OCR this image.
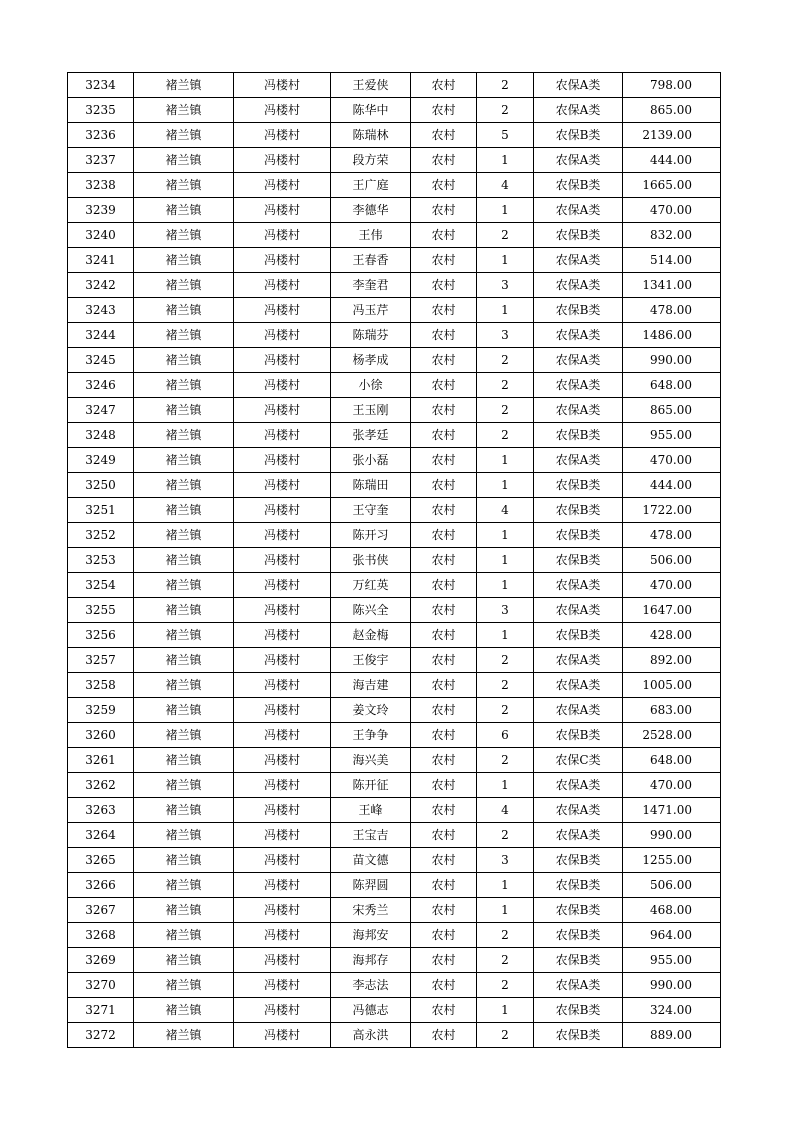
3234	褚兰镇	冯楼村	王爱侠	农村	2	农保A类	798.00
3235	褚兰镇	冯楼村	陈华中	农村	2	农保A类	865.00
3236	褚兰镇	冯楼村	陈瑞林	农村	5	农保B类	2139.00
3237	褚兰镇	冯楼村	段方荣	农村	1	农保A类	444.00
3238	褚兰镇	冯楼村	王广庭	农村	4	农保B类	1665.00
3239	褚兰镇	冯楼村	李德华	农村	1	农保A类	470.00
3240	褚兰镇	冯楼村	王伟	农村	2	农保B类	832.00
3241	褚兰镇	冯楼村	王春香	农村	1	农保A类	514.00
3242	褚兰镇	冯楼村	李奎君	农村	3	农保A类	1341.00
3243	褚兰镇	冯楼村	冯玉芹	农村	1	农保B类	478.00
3244	褚兰镇	冯楼村	陈瑞芬	农村	3	农保A类	1486.00
3245	褚兰镇	冯楼村	杨孝成	农村	2	农保A类	990.00
3246	褚兰镇	冯楼村	小徐	农村	2	农保A类	648.00
3247	褚兰镇	冯楼村	王玉刚	农村	2	农保A类	865.00
3248	褚兰镇	冯楼村	张孝廷	农村	2	农保B类	955.00
3249	褚兰镇	冯楼村	张小磊	农村	1	农保A类	470.00
3250	褚兰镇	冯楼村	陈瑞田	农村	1	农保B类	444.00
3251	褚兰镇	冯楼村	王守奎	农村	4	农保B类	1722.00
3252	褚兰镇	冯楼村	陈开习	农村	1	农保B类	478.00
3253	褚兰镇	冯楼村	张书侠	农村	1	农保B类	506.00
3254	褚兰镇	冯楼村	万红英	农村	1	农保A类	470.00
3255	褚兰镇	冯楼村	陈兴全	农村	3	农保A类	1647.00
3256	褚兰镇	冯楼村	赵金梅	农村	1	农保B类	428.00
3257	褚兰镇	冯楼村	王俊宇	农村	2	农保A类	892.00
3258	褚兰镇	冯楼村	海吉建	农村	2	农保A类	1005.00
3259	褚兰镇	冯楼村	姜文玲	农村	2	农保A类	683.00
3260	褚兰镇	冯楼村	王争争	农村	6	农保B类	2528.00
3261	褚兰镇	冯楼村	海兴美	农村	2	农保C类	648.00
3262	褚兰镇	冯楼村	陈开征	农村	1	农保A类	470.00
3263	褚兰镇	冯楼村	王峰	农村	4	农保A类	1471.00
3264	褚兰镇	冯楼村	王宝吉	农村	2	农保A类	990.00
3265	褚兰镇	冯楼村	苗文德	农村	3	农保B类	1255.00
3266	褚兰镇	冯楼村	陈羿圆	农村	1	农保B类	506.00
3267	褚兰镇	冯楼村	宋秀兰	农村	1	农保B类	468.00
3268	褚兰镇	冯楼村	海邦安	农村	2	农保B类	964.00
3269	褚兰镇	冯楼村	海邦存	农村	2	农保B类	955.00
3270	褚兰镇	冯楼村	李志法	农村	2	农保A类	990.00
3271	褚兰镇	冯楼村	冯德志	农村	1	农保B类	324.00
3272	褚兰镇	冯楼村	高永洪	农村	2	农保B类	889.00
